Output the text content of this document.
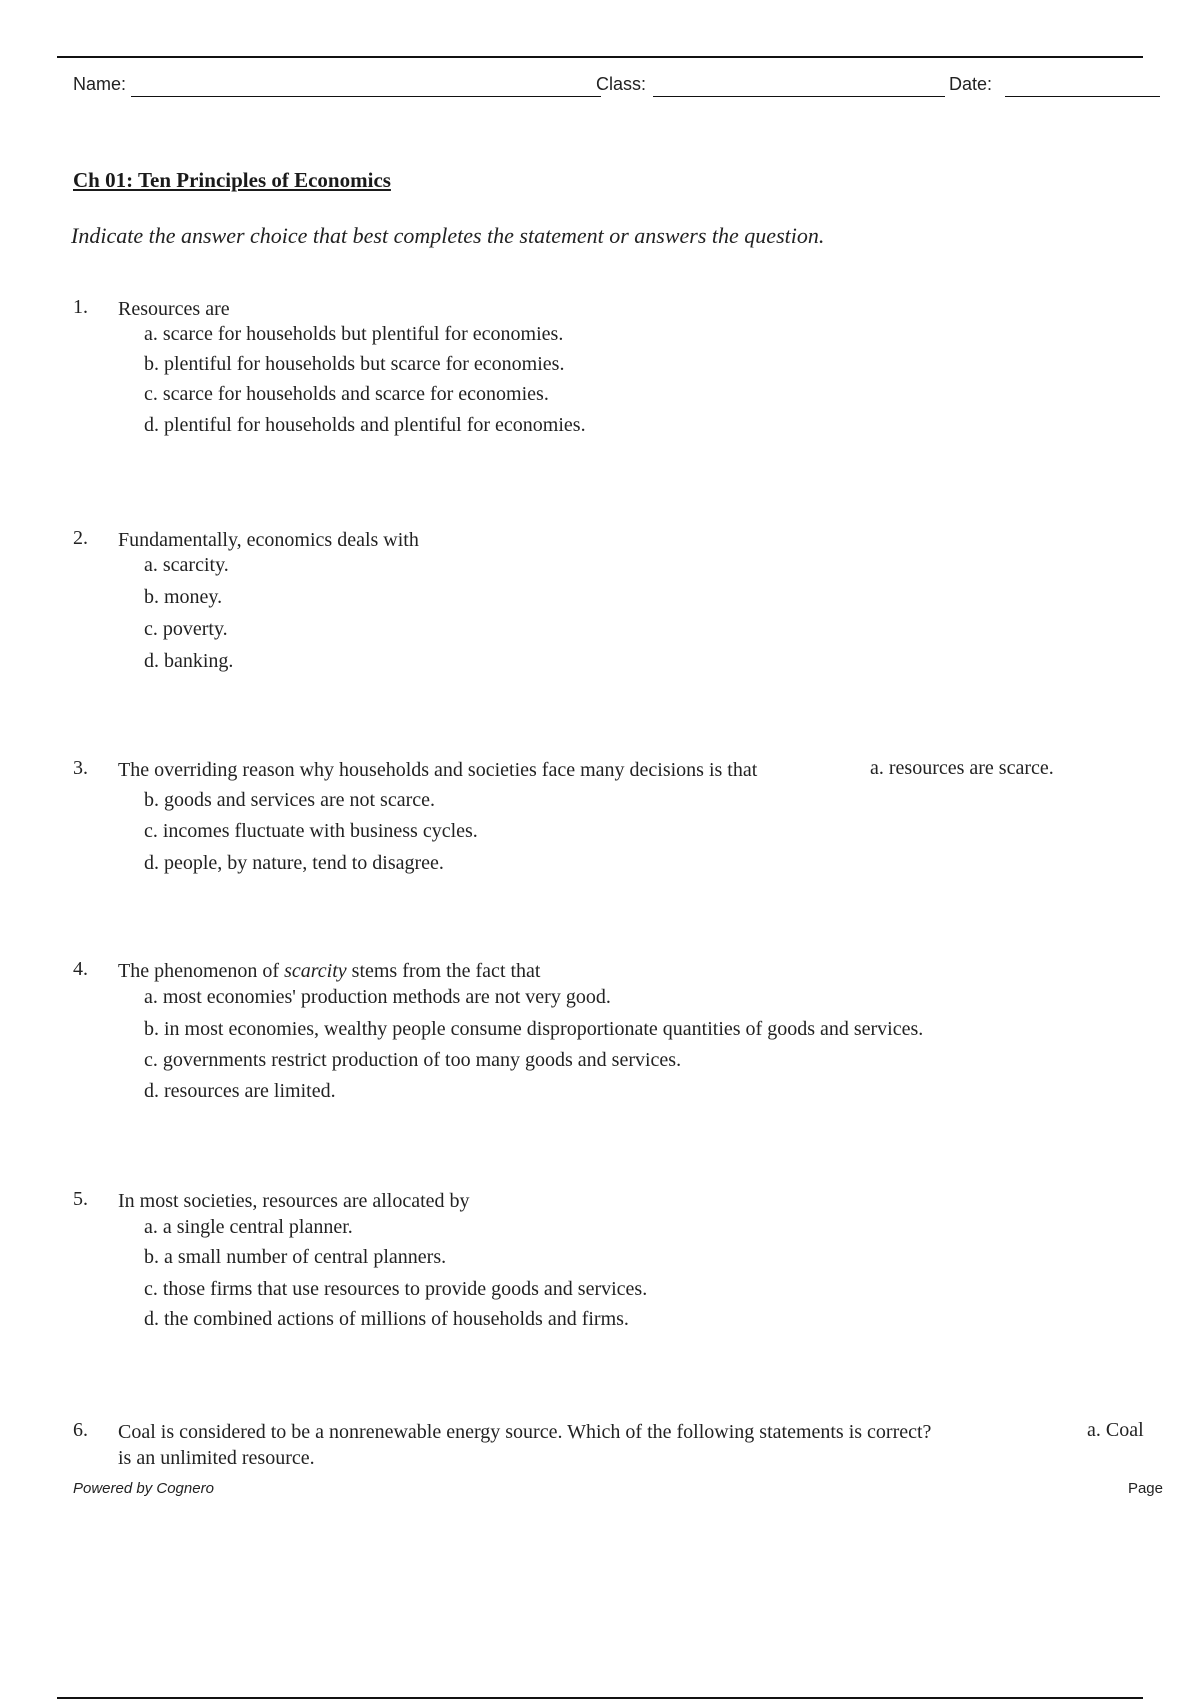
Name:	Class:	Date:
Ch 01: Ten Principles of Economics
Indicate the answer choice that best completes the statement or answers the question.
1. Resources are
a. scarce for households but plentiful for economies.
b. plentiful for households but scarce for economies.
c. scarce for households and scarce for economies.
d. plentiful for households and plentiful for economies.
2. Fundamentally, economics deals with
a. scarcity.
b. money.
c. poverty.
d. banking.
3. The overriding reason why households and societies face many decisions is that	a. resources are scarce.
b. goods and services are not scarce.
c. incomes fluctuate with business cycles.
d. people, by nature, tend to disagree.
4. The phenomenon of scarcity stems from the fact that
a. most economies' production methods are not very good.
b. in most economies, wealthy people consume disproportionate quantities of goods and services.
c. governments restrict production of too many goods and services.
d. resources are limited.
5. In most societies, resources are allocated by
a. a single central planner.
b. a small number of central planners.
c. those firms that use resources to provide goods and services.
d. the combined actions of millions of households and firms.
6. Coal is considered to be a nonrenewable energy source. Which of the following statements is correct?	a. Coal
is an unlimited resource.
Powered by Cognero	Page
